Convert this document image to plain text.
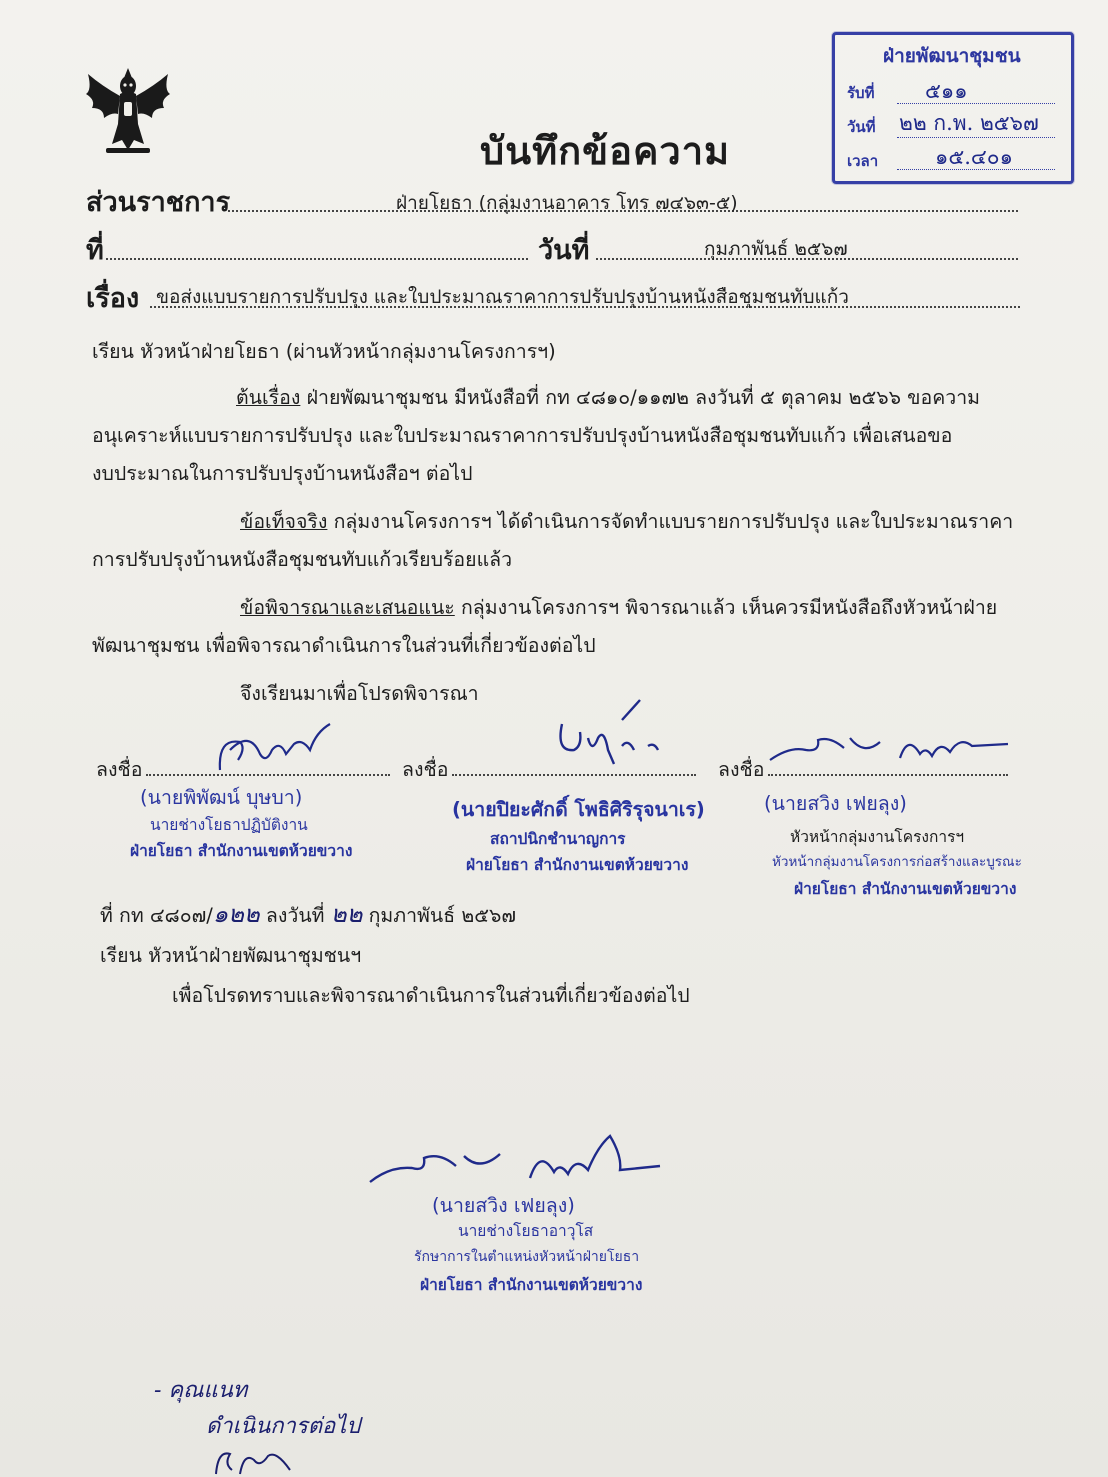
ฝ่ายพัฒนาชุมชน
รับที่ ๕๑๑
วันที่ ๒๒ ก.พ. ๒๕๖๗
เวลา	๑๕.๔๐๑
บันทึกข้อความ
ส่วนราชการ	ฝ่ายโยธา (กลุ่มงานอาคาร โทร ๗๔๖๓-๕)
ที่	วันที่	กุมภาพันธ์ ๒๕๖๗
เรื่อง ขอส่งแบบรายการปรับปรุง และใบประมาณราคาการปรับปรุงบ้านหนังสือชุมชนทับแก้ว
เรียน หัวหน้าฝ่ายโยธา (ผ่านหัวหน้ากลุ่มงานโครงการฯ)
ต้นเรื่อง ฝ่ายพัฒนาชุมชน มีหนังสือที่ กท ๔๘๑๐/๑๑๗๒ ลงวันที่ ๕ ตุลาคม ๒๕๖๖ ขอความ
อนุเคราะห์แบบรายการปรับปรุง และใบประมาณราคาการปรับปรุงบ้านหนังสือชุมชนทับแก้ว เพื่อเสนอขอ
งบประมาณในการปรับปรุงบ้านหนังสือฯ ต่อไป
ข้อเท็จจริง กลุ่มงานโครงการฯ ได้ดำเนินการจัดทำแบบรายการปรับปรุง และใบประมาณราคา
การปรับปรุงบ้านหนังสือชุมชนทับแก้วเรียบร้อยแล้ว
ข้อพิจารณาและเสนอแนะ กลุ่มงานโครงการฯ พิจารณาแล้ว เห็นควรมีหนังสือถึงหัวหน้าฝ่าย
พัฒนาชุมชน เพื่อพิจารณาดำเนินการในส่วนที่เกี่ยวข้องต่อไป
จึงเรียนมาเพื่อโปรดพิจารณา
ลงชื่อ
(นายพิพัฒน์ บุษบา)
นายช่างโยธาปฏิบัติงาน
ฝ่ายโยธา สำนักงานเขตห้วยขวาง
ลงชื่อ
(นายปิยะศักดิ์ โพธิศิริรุจนาเร)
สถาปนิกชำนาญการ
ฝ่ายโยธา สำนักงานเขตห้วยขวาง
ลงชื่อ
(นายสวิง เฟยลุง)
หัวหน้ากลุ่มงานโครงการฯ
หัวหน้ากลุ่มงานโครงการก่อสร้างและบูรณะ
ฝ่ายโยธา สำนักงานเขตห้วยขวาง
ที่ กท ๔๘๐๗/๑๒๒ ลงวันที่ ๒๒ กุมภาพันธ์ ๒๕๖๗
เรียน หัวหน้าฝ่ายพัฒนาชุมชนฯ
เพื่อโปรดทราบและพิจารณาดำเนินการในส่วนที่เกี่ยวข้องต่อไป
(นายสวิง เฟยลุง)
นายช่างโยธาอาวุโส
รักษาการในตำแหน่งหัวหน้าฝ่ายโยธา
ฝ่ายโยธา สำนักงานเขตห้วยขวาง
- คุณแนท
ดำเนินการต่อไป
